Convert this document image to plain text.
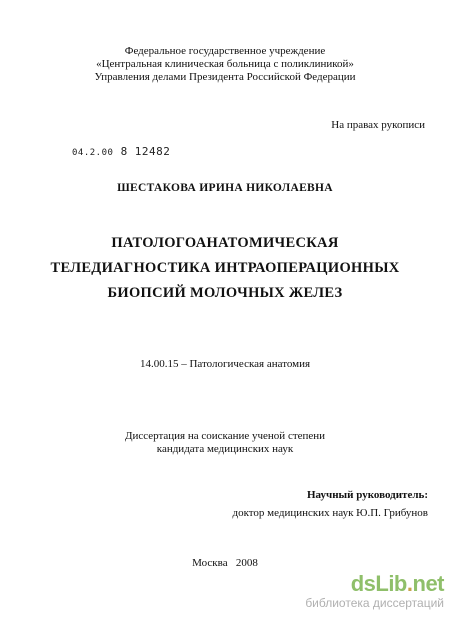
Федеральное государственное учреждение
«Центральная клиническая больница с поликлиникой»
Управления делами Президента Российской Федерации
На правах рукописи
04.2.00 8 12482
ШЕСТАКОВА ИРИНА НИКОЛАЕВНА
ПАТОЛОГОАНАТОМИЧЕСКАЯ
ТЕЛЕДИАГНОСТИКА ИНТРАОПЕРАЦИОННЫХ
БИОПСИЙ МОЛОЧНЫХ ЖЕЛЕЗ
14.00.15 – Патологическая анатомия
Диссертация на соискание ученой степени
кандидата медицинских наук
Научный руководитель:
доктор медицинских наук Ю.П. Грибунов
Москва   2008
dsLib.net
библиотека диссертаций
